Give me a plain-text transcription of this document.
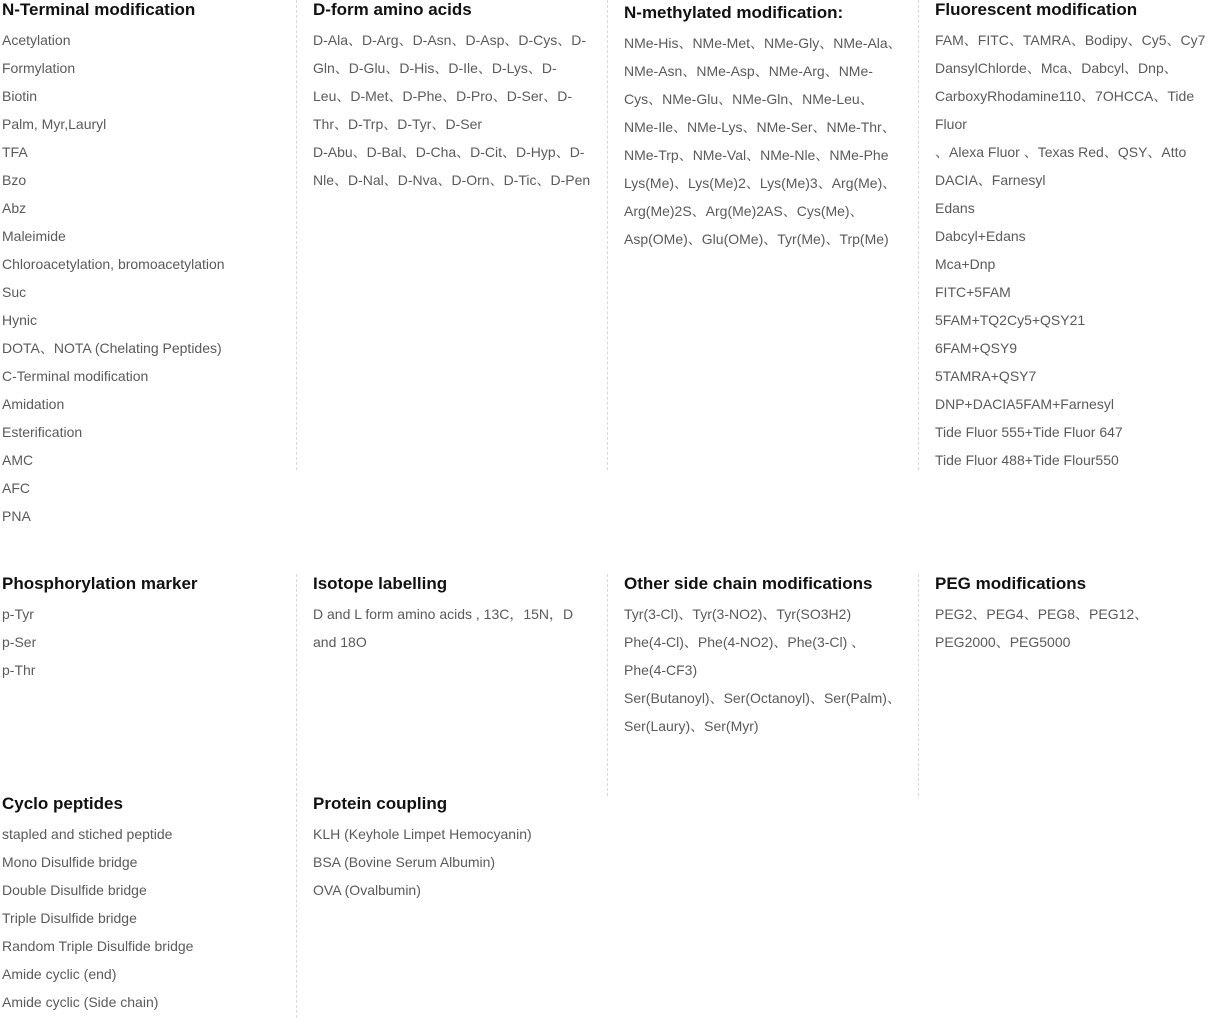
N-Terminal modification
Acetylation
Formylation
Biotin
Palm, Myr,Lauryl
TFA
Bzo
Abz
Maleimide
Chloroacetylation, bromoacetylation
Suc
Hynic
DOTA、NOTA (Chelating Peptides)
C-Terminal modification
Amidation
Esterification
AMC
AFC
PNA
D-form amino acids
D-Ala、D-Arg、D-Asn、D-Asp、D-Cys、D-
Gln、D-Glu、D-His、D-Ile、D-Lys、D-
Leu、D-Met、D-Phe、D-Pro、D-Ser、D-
Thr、D-Trp、D-Tyr、D-Ser
D-Abu、D-Bal、D-Cha、D-Cit、D-Hyp、D-
Nle、D-Nal、D-Nva、D-Orn、D-Tic、D-Pen
N-methylated modification:
NMe-His、NMe-Met、NMe-Gly、NMe-Ala、
NMe-Asn、NMe-Asp、NMe-Arg、NMe-
Cys、NMe-Glu、NMe-Gln、NMe-Leu、
NMe-Ile、NMe-Lys、NMe-Ser、NMe-Thr、
NMe-Trp、NMe-Val、NMe-Nle、NMe-Phe
Lys(Me)、Lys(Me)2、Lys(Me)3、Arg(Me)、
Arg(Me)2S、Arg(Me)2AS、Cys(Me)、
Asp(OMe)、Glu(OMe)、Tyr(Me)、Trp(Me)
Fluorescent modification
FAM、FITC、TAMRA、Bodipy、Cy5、Cy7
DansylChlorde、Mca、Dabcyl、Dnp、
CarboxyRhodamine110、7OHCCA、Tide
Fluor
、Alexa Fluor 、Texas Red、QSY、Atto
DACIA、Farnesyl
Edans
Dabcyl+Edans
Mca+Dnp
FITC+5FAM
5FAM+TQ2Cy5+QSY21
6FAM+QSY9
5TAMRA+QSY7
DNP+DACIA5FAM+Farnesyl
Tide Fluor 555+Tide Fluor 647
Tide Fluor 488+Tide Flour550
Phosphorylation marker
p-Tyr
p-Ser
p-Thr
Isotope labelling
D and L form amino acids , 13C，15N，D
and 18O
Other side chain modifications
Tyr(3-Cl)、Tyr(3-NO2)、Tyr(SO3H2)
Phe(4-Cl)、Phe(4-NO2)、Phe(3-Cl) 、
Phe(4-CF3)
Ser(Butanoyl)、Ser(Octanoyl)、Ser(Palm)、
Ser(Laury)、Ser(Myr)
PEG modifications
PEG2、PEG4、PEG8、PEG12、
PEG2000、PEG5000
Cyclo peptides
stapled and stiched peptide
Mono Disulfide bridge
Double Disulfide bridge
Triple Disulfide bridge
Random Triple Disulfide bridge
Amide cyclic (end)
Amide cyclic (Side chain)
Protein coupling
KLH (Keyhole Limpet Hemocyanin)
BSA (Bovine Serum Albumin)
OVA (Ovalbumin)
